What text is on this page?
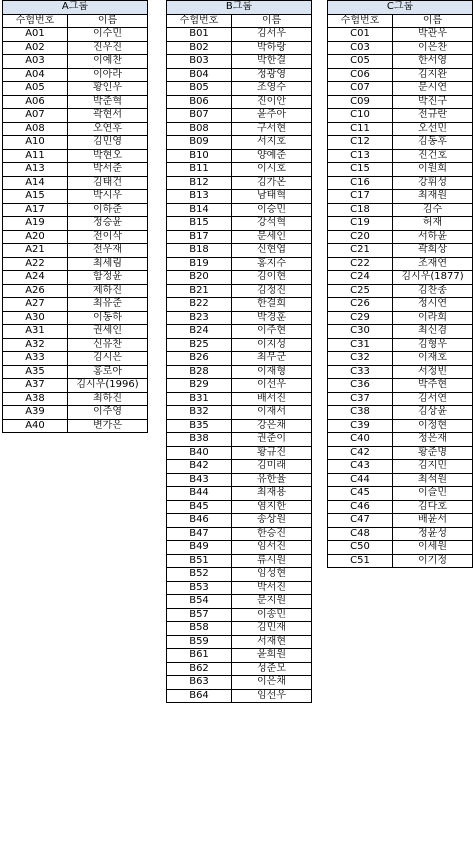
A그룹	
수험번호	이름
A01	이수민
A02	진우진
A03	이예찬
A04	이아라
A05	황인우
A06	박준혁
A07	곽현서
A08	오연후
A10	김민영
A11	박현오
A13	박서준
A14	김태건
A15	박시우
A17	이하준
A19	정승윤
A20	전이삭
A21	전우재
A22	최세림
A24	함정윤
A26	제하진
A27	최유준
A30	이동하
A31	권세인
A32	신유찬
A33	김시은
A35	홍로아
A37	김시우(1996)
A38	최하진
A39	이주영
A40	변가은
B그룹	
수험번호	이름
B01	김서우
B02	박하랑
B03	박한결
B04	정광영
B05	조영수
B06	진이안
B07	윤주아
B08	구서현
B09	서지호
B10	양예준
B11	이시호
B12	김가온
B13	남태혁
B14	이승민
B15	강석혁
B17	문세인
B18	신현엽
B19	홍지수
B20	김이현
B21	김정진
B22	한결희
B23	박경훈
B24	이주현
B25	이지성
B26	최무군
B28	이재형
B29	이선우
B31	배서진
B32	이재서
B35	강은채
B38	권준이
B40	황규진
B42	김미래
B43	유한율
B44	최재용
B45	염지한
B46	송상원
B47	한승진
B49	임서진
B51	류시원
B52	임성현
B53	박서진
B54	문지원
B57	이송민
B58	김민재
B59	서재현
B61	윤희원
B62	성준모
B63	이은채
B64	임선우
C그룹	
수험번호	이름
C01	박관우
C03	이은찬
C05	한서영
C06	김지완
C07	문시연
C09	박진구
C10	전규란
C11	오선민
C12	김동후
C13	진건호
C15	이원희
C16	강휘성
C17	최재원
C18	김수
C19	허재
C20	서하윤
C21	곽희상
C22	조재연
C24	김시우(1877)
C25	김찬종
C26	정시연
C29	이라희
C30	최신겸
C31	김형우
C32	이재호
C33	서정빈
C36	박주현
C37	김서연
C38	김상윤
C39	이정현
C40	정은재
C42	황준명
C43	김지민
C44	최석원
C45	이슬민
C46	김다호
C47	배윤서
C48	정윤성
C50	이세원
C51	이기정
